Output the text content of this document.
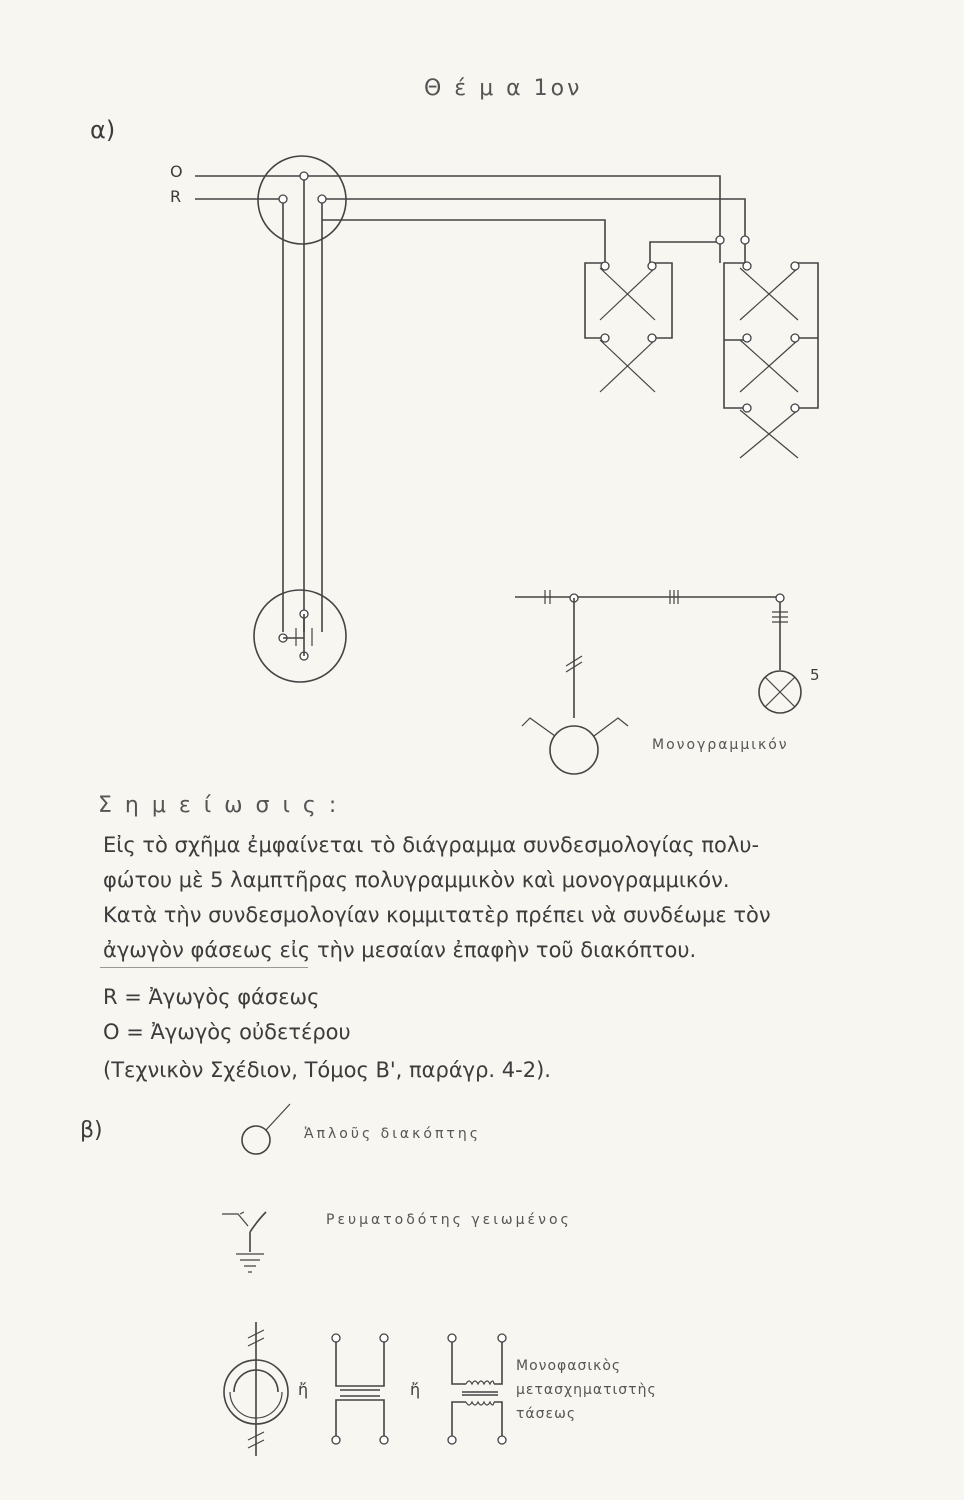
Θ έ μ α 1ον
α)
O
R
5
Μονογραμμικόν
Σ η μ ε ί ω σ ι ς :
Εἰς τὸ σχῆμα ἐμφαίνεται τὸ διάγραμμα συνδεσμολογίας πολυ-
φώτου μὲ 5 λαμπτῆρας πολυγραμμικὸν καὶ μονογραμμικόν.
Κατὰ τὴν συνδεσμολογίαν κομμιτατὲρ πρέπει νὰ συνδέωμε τὸν
ἀγωγὸν φάσεως εἰς τὴν μεσαίαν ἐπαφὴν τοῦ διακόπτου.
R = Ἀγωγὸς φάσεως
O = Ἀγωγὸς οὐδετέρου
(Τεχνικὸν Σχέδιον, Τόμος Β', παράγρ. 4-2).
β)	Ἁπλοῦς διακόπτης
Ρευματοδότης γειωμένος
ἤ	ἤ
Μονοφασικὸς
μετασχηματιστὴς
τάσεως
